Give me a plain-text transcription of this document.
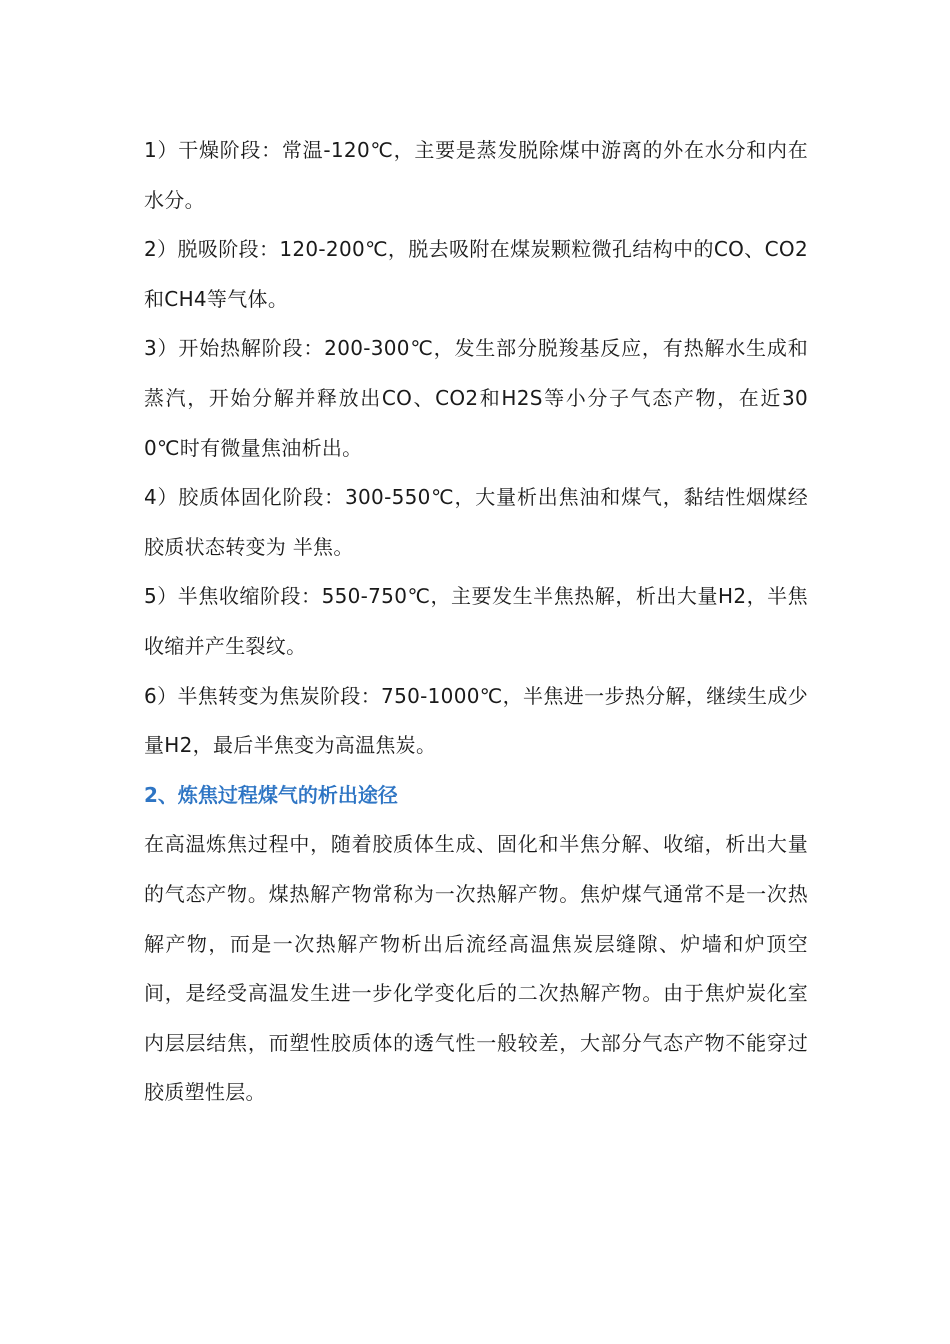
1）干燥阶段：常温-120℃，主要是蒸发脱除煤中游离的外在水分和内在水分。

2）脱吸阶段：120-200℃，脱去吸附在煤炭颗粒微孔结构中的CO、CO2和CH4等气体。

3）开始热解阶段：200-300℃，发生部分脱羧基反应，有热解水生成和蒸汽，开始分解并释放出CO、CO2和H2S等小分子气态产物，在近300℃时有微量焦油析出。

4）胶质体固化阶段：300-550℃，大量析出焦油和煤气，黏结性烟煤经胶质状态转变为 半焦。

5）半焦收缩阶段：550-750℃，主要发生半焦热解，析出大量H2，半焦收缩并产生裂纹。

6）半焦转变为焦炭阶段：750-1000℃，半焦进一步热分解，继续生成少量H2，最后半焦变为高温焦炭。

2、炼焦过程煤气的析出途径

在高温炼焦过程中，随着胶质体生成、固化和半焦分解、收缩，析出大量的气态产物。煤热解产物常称为一次热解产物。焦炉煤气通常不是一次热解产物，而是一次热解产物析出后流经高温焦炭层缝隙、炉墙和炉顶空间，是经受高温发生进一步化学变化后的二次热解产物。由于焦炉炭化室内层层结焦，而塑性胶质体的透气性一般较差，大部分气态产物不能穿过胶质塑性层。
